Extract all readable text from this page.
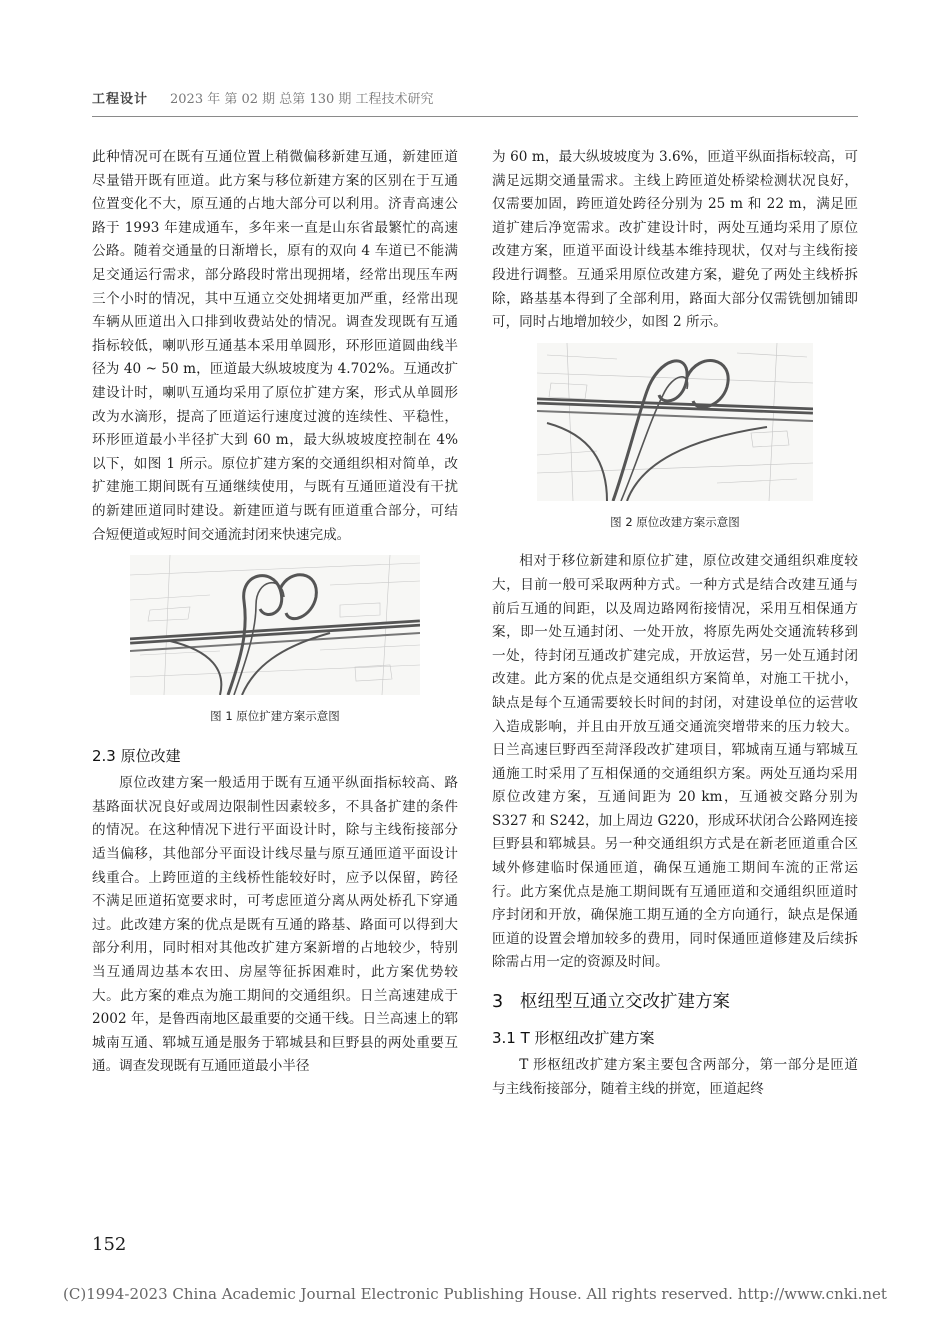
工程设计 2023 年 第 02 期 总第 130 期 工程技术研究

此种情况可在既有互通位置上稍微偏移新建互通，新建匝道尽量错开既有匝道。此方案与移位新建方案的区别在于互通位置变化不大，原互通的占地大部分可以利用。济青高速公路于 1993 年建成通车，多年来一直是山东省最繁忙的高速公路。随着交通量的日渐增长，原有的双向 4 车道已不能满足交通运行需求，部分路段时常出现拥堵，经常出现压车两三个小时的情况，其中互通立交处拥堵更加严重，经常出现车辆从匝道出入口排到收费站处的情况。调查发现既有互通指标较低，喇叭形互通基本采用单圆形，环形匝道圆曲线半径为 40 ~ 50 m，匝道最大纵坡坡度为 4.702%。互通改扩建设计时，喇叭互通均采用了原位扩建方案，形式从单圆形改为水滴形，提高了匝道运行速度过渡的连续性、平稳性，环形匝道最小半径扩大到 60 m，最大纵坡坡度控制在 4% 以下，如图 1 所示。原位扩建方案的交通组织相对简单，改扩建施工期间既有互通继续使用，与既有互通匝道没有干扰的新建匝道同时建设。新建匝道与既有匝道重合部分，可结合短便道或短时间交通流封闭来快速完成。

图 1 原位扩建方案示意图
2.3 原位改建

原位改建方案一般适用于既有互通平纵面指标较高、路基路面状况良好或周边限制性因素较多，不具备扩建的条件的情况。在这种情况下进行平面设计时，除与主线衔接部分适当偏移，其他部分平面设计线尽量与原互通匝道平面设计线重合。上跨匝道的主线桥性能较好时，应予以保留，跨径不满足匝道拓宽要求时，可考虑匝道分离从两处桥孔下穿通过。此改建方案的优点是既有互通的路基、路面可以得到大部分利用，同时相对其他改扩建方案新增的占地较少，特别当互通周边基本农田、房屋等征拆困难时，此方案优势较大。此方案的难点为施工期间的交通组织。日兰高速建成于 2002 年，是鲁西南地区最重要的交通干线。日兰高速上的郓城南互通、郓城互通是服务于郓城县和巨野县的两处重要互通。调查发现既有互通匝道最小半径

为 60 m，最大纵坡坡度为 3.6%，匝道平纵面指标较高，可满足远期交通量需求。主线上跨匝道处桥梁检测状况良好，仅需要加固，跨匝道处跨径分别为 25 m 和 22 m，满足匝道扩建后净宽需求。改扩建设计时，两处互通均采用了原位改建方案，匝道平面设计线基本维持现状，仅对与主线衔接段进行调整。互通采用原位改建方案，避免了两处主线桥拆除，路基基本得到了全部利用，路面大部分仅需铣刨加铺即可，同时占地增加较少，如图 2 所示。

图 2 原位改建方案示意图

相对于移位新建和原位扩建，原位改建交通组织难度较大，目前一般可采取两种方式。一种方式是结合改建互通与前后互通的间距，以及周边路网衔接情况，采用互相保通方案，即一处互通封闭、一处开放，将原先两处交通流转移到一处，待封闭互通改扩建完成，开放运营，另一处互通封闭改建。此方案的优点是交通组织方案简单，对施工干扰小，缺点是每个互通需要较长时间的封闭，对建设单位的运营收入造成影响，并且由开放互通交通流突增带来的压力较大。日兰高速巨野西至菏泽段改扩建项目，郓城南互通与郓城互通施工时采用了互相保通的交通组织方案。两处互通均采用原位改建方案，互通间距为 20 km，互通被交路分别为 S327 和 S242，加上周边 G220，形成环状闭合公路网连接巨野县和郓城县。另一种交通组织方式是在新老匝道重合区域外修建临时保通匝道，确保互通施工期间车流的正常运行。此方案优点是施工期间既有互通匝道和交通组织匝道时序封闭和开放，确保施工期互通的全方向通行，缺点是保通匝道的设置会增加较多的费用，同时保通匝道修建及后续拆除需占用一定的资源及时间。

3 枢纽型互通立交改扩建方案
3.1 T 形枢纽改扩建方案

T 形枢纽改扩建方案主要包含两部分，第一部分是匝道与主线衔接部分，随着主线的拼宽，匝道起终

152
(C)1994-2023 China Academic Journal Electronic Publishing House. All rights reserved. http://www.cnki.net
